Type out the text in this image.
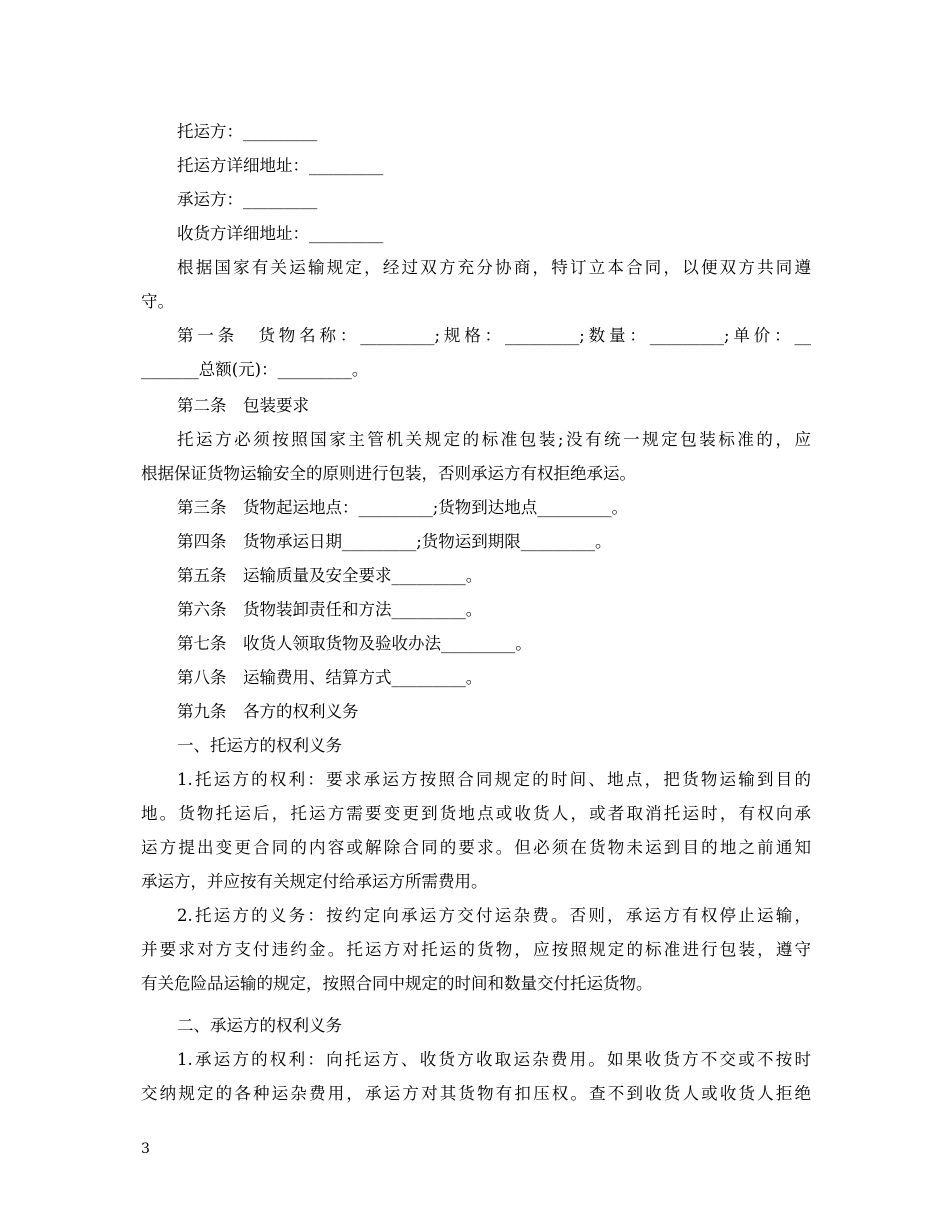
3
托运方：_________
托运方详细地址：_________
承运方：_________
收货方详细地址：_________
根据国家有关运输规定，经过双方充分协商，特订立本合同，以便双方共同遵
守。
第一条　货物名称：_________;规格：_________;数量：_________;单价：__
_______总额(元)：_________。
第二条　包装要求
托运方必须按照国家主管机关规定的标准包装;没有统一规定包装标准的，应
根据保证货物运输安全的原则进行包装，否则承运方有权拒绝承运。
第三条　货物起运地点：_________;货物到达地点_________。
第四条　货物承运日期_________;货物运到期限_________。
第五条　运输质量及安全要求_________。
第六条　货物装卸责任和方法_________。
第七条　收货人领取货物及验收办法_________。
第八条　运输费用、结算方式_________。
第九条　各方的权利义务
一、托运方的权利义务
1.托运方的权利：要求承运方按照合同规定的时间、地点，把货物运输到目的
地。货物托运后，托运方需要变更到货地点或收货人，或者取消托运时，有权向承
运方提出变更合同的内容或解除合同的要求。但必须在货物未运到目的地之前通知
承运方，并应按有关规定付给承运方所需费用。
2.托运方的义务：按约定向承运方交付运杂费。否则，承运方有权停止运输，
并要求对方支付违约金。托运方对托运的货物，应按照规定的标准进行包装，遵守
有关危险品运输的规定，按照合同中规定的时间和数量交付托运货物。
二、承运方的权利义务
1.承运方的权利：向托运方、收货方收取运杂费用。如果收货方不交或不按时
交纳规定的各种运杂费用，承运方对其货物有扣压权。查不到收货人或收货人拒绝
